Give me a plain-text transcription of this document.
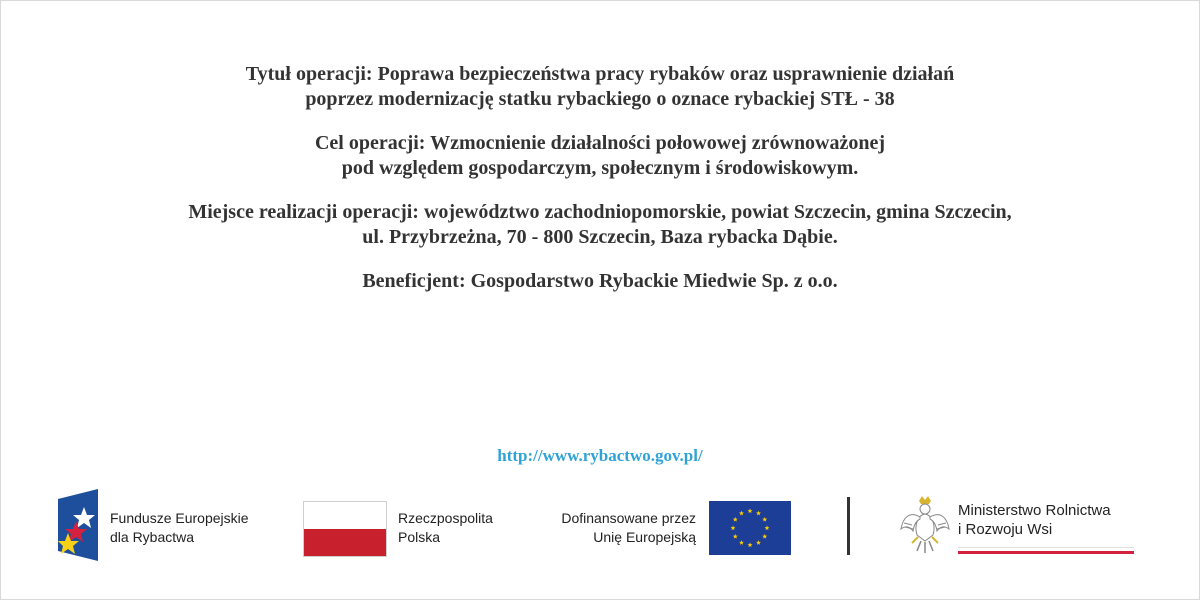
Tytuł operacji: Poprawa bezpieczeństwa pracy rybaków oraz usprawnienie działań
poprzez modernizację statku rybackiego o oznace rybackiej STŁ - 38
Cel operacji: Wzmocnienie działalności połowowej zrównoważonej
pod względem gospodarczym, społecznym i środowiskowym.
Miejsce realizacji operacji: województwo zachodniopomorskie, powiat Szczecin, gmina Szczecin,
ul. Przybrzeżna, 70 - 800 Szczecin, Baza rybacka Dąbie.
Beneficjent: Gospodarstwo Rybackie Miedwie Sp. z o.o.
http://www.rybactwo.gov.pl/
Fundusze Europejskie
dla Rybactwa
Rzeczpospolita
Polska
Dofinansowane przez
Unię Europejską
Ministerstwo Rolnictwa
i Rozwoju Wsi
